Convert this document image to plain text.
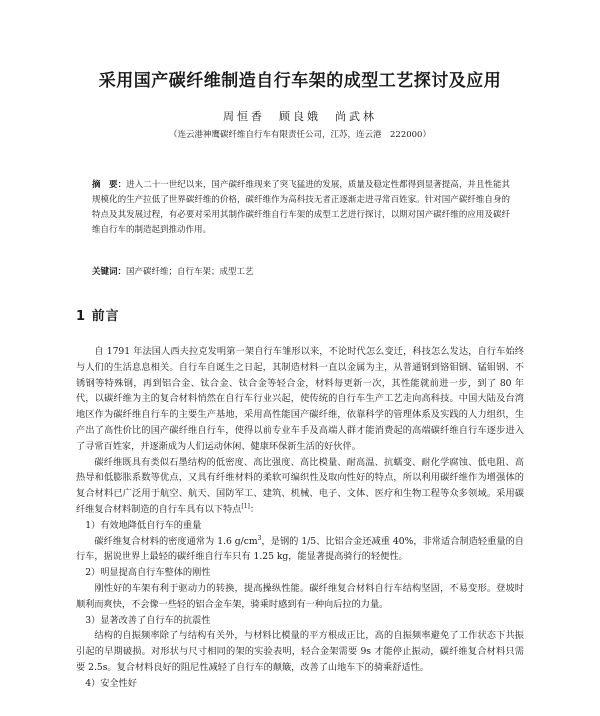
采用国产碳纤维制造自行车架的成型工艺探讨及应用
周恒香　顾良娥　尚武林
（连云港神鹰碳纤维自行车有限责任公司，江苏，连云港　222000）
摘　要：进入二十一世纪以来，国产碳纤维现来了突飞猛进的发展，质量及稳定性都得到显著提高，并且性能其规模化的生产拉低了世界碳纤维的价格，碳纤维作为高科技无者正逐渐走进寻常百姓家。针对国产碳纤维自身的特点及其发展过程，有必要对采用其制作碳纤维自行车架的成型工艺进行探讨，以期对国产碳纤维的应用及碳纤维自行车的制造起到推动作用。
关键词：国产碳纤维；自行车架；成型工艺
1 前言

自 1791 年法国人西夫拉克发明第一架自行车雏形以来，不论时代怎么变迁，科技怎么发达，自行车始终与人们的生活息息相关。自行车自诞生之日起，其制造材料一直以金属为主，从普通钢到铬钼钢、锰钼钢、不锈钢等特殊钢，再到铝合金、钛合金、钛合金等轻合金，材料每更新一次，其性能就前进一步，到了 80 年代，以碳纤维为主的复合材料悄然在自行车行业兴起，使传统的自行车生产工艺走向高科技。中国大陆及台湾地区作为碳纤维自行车的主要生产基地，采用高性能国产碳纤维，依靠科学的管理体系及实践的人力组织，生产出了高性价比的国产碳纤维自行车，使得以前专业车手及高端人群才能消费起的高端碳纤维自行车逐步进入了寻常百姓家，并逐渐成为人们运动休闲、健康环保新生活的好伙伴。

碳纤维既具有类似石墨结构的低密度、高比强度、高比模量、耐高温、抗蠕变、耐化学腐蚀、低电阻、高热导和低膨胀系数等优点，又具有纤维材料的柔软可编织性及取向性好的特点，所以利用碳纤维作为增强体的复合材料已广泛用于航空、航天、国防军工、建筑、机械、电子、文体、医疗和生物工程等众多领域。采用碳纤维复合材料制造的自行车具有以下特点[1]：

1）有效地降低自行车的重量

碳纤维复合材料的密度通常为 1.6 $g/cm^3$，是钢的 1/5、比铝合金还减重 40%，非常适合制造轻重量的自行车，据说世界上最轻的碳纤维自行车只有 1.25 kg，能显著提高骑行的轻便性。

2）明显提高自行车整体的刚性

刚性好的车架有利于驱动力的转换，提高操纵性能。碳纤维复合材料自行车结构坚固，不易变形。登坡时顺利而爽快，不会像一些轻的铝合金车架，骑乘时感到有一种向后拉的力量。

3）显著改善了自行车的抗震性

结构的自振频率除了与结构有关外，与材料比模量的平方根成正比，高的自振频率避免了工作状态下共振引起的早期破损。对形状与尺寸相同的架的实验表明，轻合金架需要 9s 才能停止振动，碳纤维复合材料只需要 2.5s。复合材料良好的阻尼性减轻了自行车的颠簸，改善了山地车下的骑乘舒适性。

4）安全性好
